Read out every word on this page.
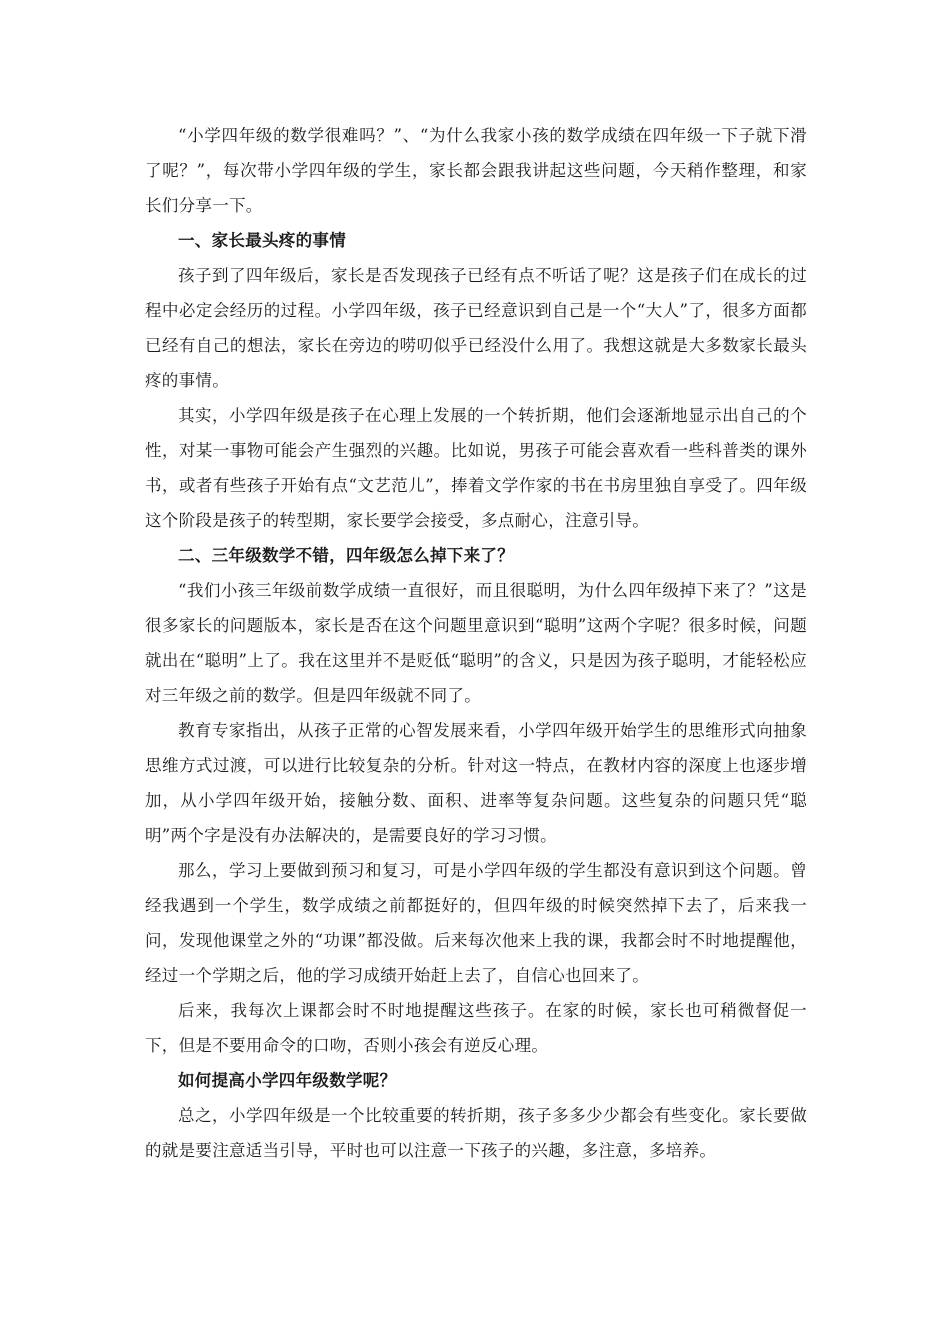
“小学四年级的数学很难吗？”、“为什么我家小孩的数学成绩在四年级一下子就下滑了呢？”，每次带小学四年级的学生，家长都会跟我讲起这些问题，今天稍作整理，和家长们分享一下。

一、家长最头疼的事情

孩子到了四年级后，家长是否发现孩子已经有点不听话了呢？这是孩子们在成长的过程中必定会经历的过程。小学四年级，孩子已经意识到自己是一个“大人”了，很多方面都已经有自己的想法，家长在旁边的唠叨似乎已经没什么用了。我想这就是大多数家长最头疼的事情。

其实，小学四年级是孩子在心理上发展的一个转折期，他们会逐渐地显示出自己的个性，对某一事物可能会产生强烈的兴趣。比如说，男孩子可能会喜欢看一些科普类的课外书，或者有些孩子开始有点“文艺范儿”，捧着文学作家的书在书房里独自享受了。四年级这个阶段是孩子的转型期，家长要学会接受，多点耐心，注意引导。

二、三年级数学不错，四年级怎么掉下来了？

“我们小孩三年级前数学成绩一直很好，而且很聪明，为什么四年级掉下来了？”这是很多家长的问题版本，家长是否在这个问题里意识到“聪明”这两个字呢？很多时候，问题就出在“聪明”上了。我在这里并不是贬低“聪明”的含义，只是因为孩子聪明，才能轻松应对三年级之前的数学。但是四年级就不同了。

教育专家指出，从孩子正常的心智发展来看，小学四年级开始学生的思维形式向抽象思维方式过渡，可以进行比较复杂的分析。针对这一特点，在教材内容的深度上也逐步增加，从小学四年级开始，接触分数、面积、进率等复杂问题。这些复杂的问题只凭“聪明”两个字是没有办法解决的，是需要良好的学习习惯。

那么，学习上要做到预习和复习，可是小学四年级的学生都没有意识到这个问题。曾经我遇到一个学生，数学成绩之前都挺好的，但四年级的时候突然掉下去了，后来我一问，发现他课堂之外的“功课”都没做。后来每次他来上我的课，我都会时不时地提醒他，经过一个学期之后，他的学习成绩开始赶上去了，自信心也回来了。

后来，我每次上课都会时不时地提醒这些孩子。在家的时候，家长也可稍微督促一下，但是不要用命令的口吻，否则小孩会有逆反心理。

如何提高小学四年级数学呢？

总之，小学四年级是一个比较重要的转折期，孩子多多少少都会有些变化。家长要做的就是要注意适当引导，平时也可以注意一下孩子的兴趣，多注意，多培养。
